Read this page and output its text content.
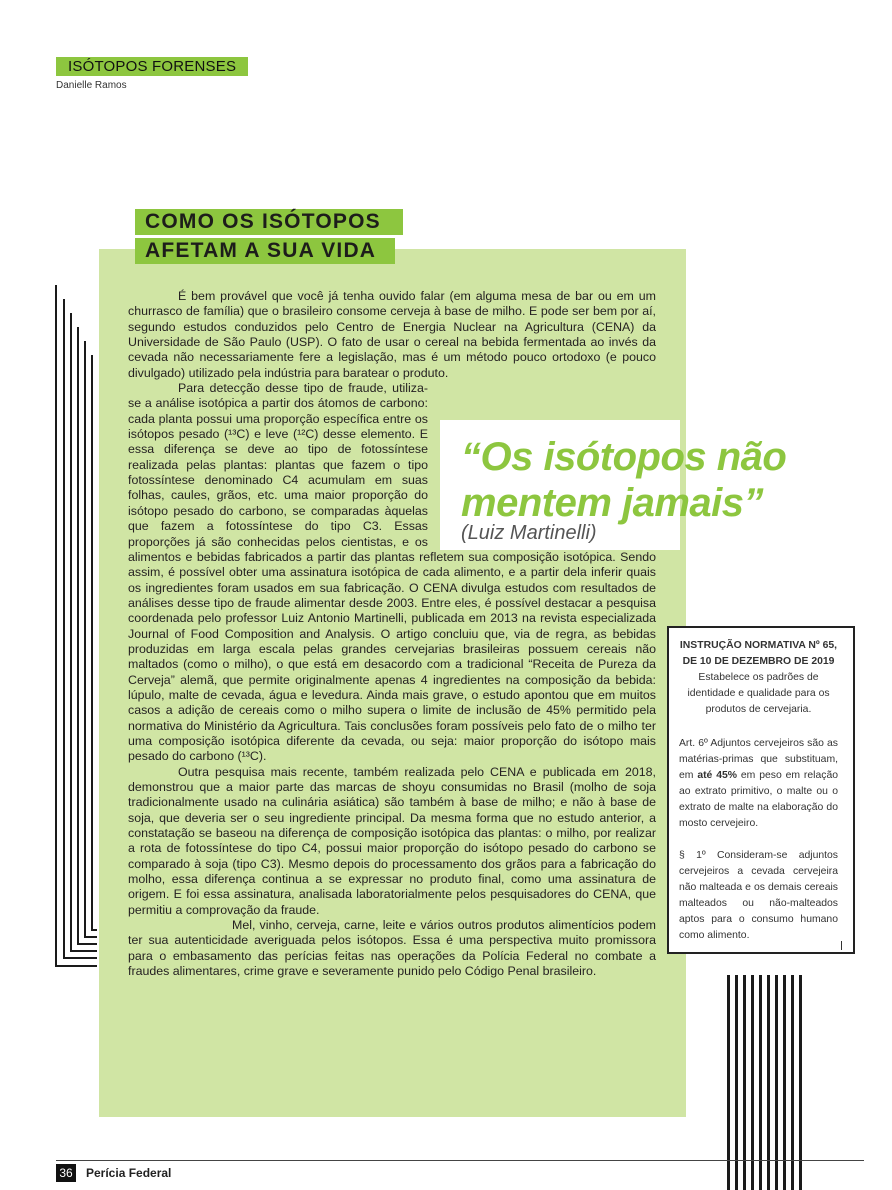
ISÓTOPOS FORENSES
Danielle Ramos
COMO OS ISÓTOPOS
AFETAM A SUA VIDA

É bem provável que você já tenha ouvido falar (em alguma mesa de bar ou em um churrasco de família) que o brasileiro consome cerveja à base de milho. E pode ser bem por aí, segundo estudos conduzidos pelo Centro de Energia Nuclear na Agricultura (CENA) da Universidade de São Paulo (USP). O fato de usar o cereal na bebida fermentada ao invés da cevada não necessariamente fere a legislação, mas é um método pouco ortodoxo (e pouco divulgado) utilizado pela indústria para baratear o produto.

Para detecção desse tipo de fraude, utiliza-se a análise isotópica a partir dos átomos de carbono: cada planta possui uma proporção específica entre os isótopos pesado (¹³C) e leve (¹²C) desse elemento. E essa diferença se deve ao tipo de fotossíntese realizada pelas plantas: plantas que fazem o tipo fotossíntese denominado C4 acumulam em suas folhas, caules, grãos, etc. uma maior proporção do isótopo pesado do carbono, se comparadas àquelas que fazem a fotossíntese do tipo C3. Essas proporções já são conhecidas pelos cientistas, e os alimentos e bebidas fabricados a partir das plantas refletem sua composição isotópica. Sendo assim, é possível obter uma assinatura isotópica de cada alimento, e a partir dela inferir quais os ingredientes foram usados em sua fabricação. O CENA divulga estudos com resultados de análises desse tipo de fraude alimentar desde 2003. Entre eles, é possível destacar a pesquisa coordenada pelo professor Luiz Antonio Martinelli, publicada em 2013 na revista especializada Journal of Food Composition and Analysis. O artigo concluiu que, via de regra, as bebidas produzidas em larga escala pelas grandes cervejarias brasileiras possuem cereais não maltados (como o milho), o que está em desacordo com a tradicional “Receita de Pureza da Cerveja” alemã, que permite originalmente apenas 4 ingredientes na composição da bebida: lúpulo, malte de cevada, água e levedura. Ainda mais grave, o estudo apontou que em muitos casos a adição de cereais como o milho supera o limite de inclusão de 45% permitido pela normativa do Ministério da Agricultura. Tais conclusões foram possíveis pelo fato de o milho ter uma composição isotópica diferente da cevada, ou seja: maior proporção do isótopo mais pesado do carbono (¹³C).

Outra pesquisa mais recente, também realizada pelo CENA e publicada em 2018, demonstrou que a maior parte das marcas de shoyu consumidas no Brasil (molho de soja tradicionalmente usado na culinária asiática) são também à base de milho; e não à base de soja, que deveria ser o seu ingrediente principal. Da mesma forma que no estudo anterior, a constatação se baseou na diferença de composição isotópica das plantas: o milho, por realizar a rota de fotossíntese do tipo C4, possui maior proporção do isótopo pesado do carbono se comparado à soja (tipo C3). Mesmo depois do processamento dos grãos para a fabricação do molho, essa diferença continua a se expressar no produto final, como uma assinatura de origem. E foi essa assinatura, analisada laboratorialmente pelos pesquisadores do CENA, que permitiu a comprovação da fraude.

Mel, vinho, cerveja, carne, leite e vários outros produtos alimentícios podem ter sua autenticidade averiguada pelos isótopos. Essa é uma perspectiva muito promissora para o embasamento das perícias feitas nas operações da Polícia Federal no combate a fraudes alimentares, crime grave e severamente punido pelo Código Penal brasileiro.

“Os isótopos não
mentem jamais”
(Luiz Martinelli)
INSTRUÇÃO NORMATIVA Nº 65,
DE 10 DE DEZEMBRO DE 2019
Estabelece os padrões de identidade e qualidade para os produtos de cervejaria.

Art. 6º Adjuntos cervejeiros são as matérias-primas que substituam, em até 45% em peso em relação ao extrato primitivo, o malte ou o extrato de malte na elaboração do mosto cervejeiro.

§ 1º Consideram-se adjuntos cervejeiros a cevada cervejeira não malteada e os demais cereais malteados ou não-malteados aptos para o consumo humano como alimento.

36 Perícia Federal
